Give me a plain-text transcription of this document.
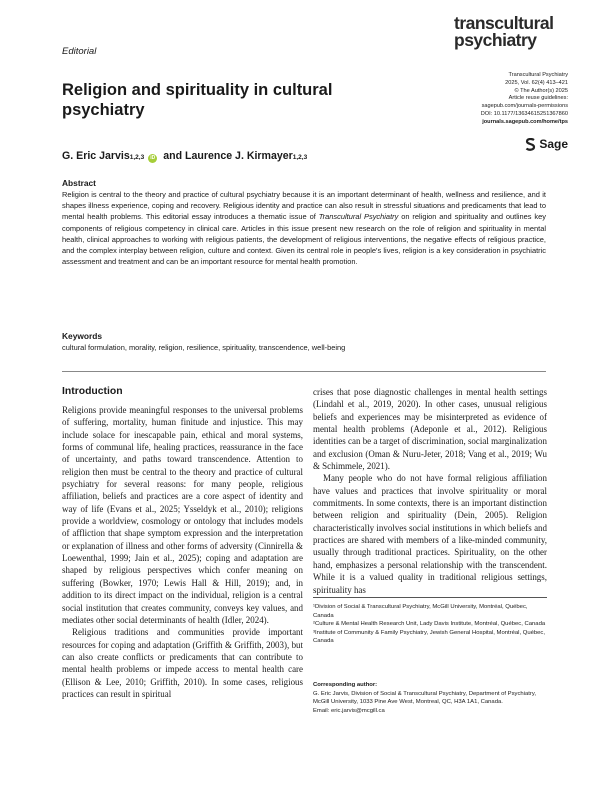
Editorial
transcultural
psychiatry
Transcultural Psychiatry
2025, Vol. 62(4) 413–421
© The Author(s) 2025
Article reuse guidelines:
sagepub.com/journals-permissions
DOI: 10.1177/13634615251367860
journals.sagepub.com/home/tps
Sage
Religion and spirituality in cultural psychiatry
G. Eric Jarvis 1,2,3	iD and
Laurence J. Kirmayer 1,2,3
Abstract
Religion is central to the theory and practice of cultural psychiatry because it is an important determinant of health, wellness and resilience, and it shapes illness experience, coping and recovery. Religious identity and practice can also result in stressful situations and predicaments that lead to mental health problems. This editorial essay introduces a thematic issue of Transcultural Psychiatry on religion and spirituality and outlines key components of religious competency in clinical care. Articles in this issue present new research on the role of religion and spirituality in mental health, clinical approaches to working with religious patients, the development of religious interventions, the negative effects of religious practice, and the complex interplay between religion, culture and context. Given its central role in people's lives, religion is a key consideration in psychiatric assessment and treatment and can be an important resource for mental health promotion.
Keywords
cultural formulation, morality, religion, resilience, spirituality, transcendence, well-being
Introduction

Religions provide meaningful responses to the universal problems of suffering, mortality, human finitude and injustice. This may include solace for inescapable pain, ethical and moral systems, forms of communal life, healing practices, reassurance in the face of uncertainty, and paths toward transcendence. Attention to religion then must be central to the theory and practice of cultural psychiatry for several reasons: for many people, religious affiliation, beliefs and practices are a core aspect of identity and way of life (Evans et al., 2025; Ysseldyk et al., 2010); religions provide a worldview, cosmology or ontology that includes models of affliction that shape symptom expression and the interpretation or explanation of illness and other forms of adversity (Cinnirella & Loewenthal, 1999; Jain et al., 2025); coping and adaptation are shaped by religious perspectives which confer meaning on suffering (Bowker, 1970; Lewis Hall & Hill, 2019); and, in addition to its direct impact on the individual, religion is a central social institution that creates community, conveys key values, and mediates other social determinants of health (Idler, 2024).

Religious traditions and communities provide important resources for coping and adaptation (Griffith & Griffith, 2003), but can also create conflicts or predicaments that can contribute to mental health problems or impede access to mental health care (Ellison & Lee, 2010; Griffith, 2010). In some cases, religious practices can result in spiritual

crises that pose diagnostic challenges in mental health settings (Lindahl et al., 2019, 2020). In other cases, unusual religious beliefs and experiences may be misinterpreted as evidence of mental health problems (Adeponle et al., 2012). Religious identities can be a target of discrimination, social marginalization and exclusion (Oman & Nuru-Jeter, 2018; Vang et al., 2019; Wu & Schimmele, 2021).

Many people who do not have formal religious affiliation have values and practices that involve spirituality or moral commitments. In some contexts, there is an important distinction between religion and spirituality (Dein, 2005). Religion characteristically involves social institutions in which beliefs and practices are shared with members of a like-minded community, usually through traditional practices. Spirituality, on the other hand, emphasizes a personal relationship with the transcendent. While it is a valued quality in traditional religious settings, spirituality has

¹Division of Social & Transcultural Psychiatry, McGill University, Montréal, Québec, Canada
²Culture & Mental Health Research Unit, Lady Davis Institute, Montréal, Québec, Canada
³Institute of Community & Family Psychiatry, Jewish General Hospital, Montréal, Québec, Canada
Corresponding author:
G. Eric Jarvis, Division of Social & Transcultural Psychiatry, Department of Psychiatry, McGill University, 1033 Pine Ave West, Montreal, QC, H3A 1A1, Canada.
Email: eric.jarvis@mcgill.ca
